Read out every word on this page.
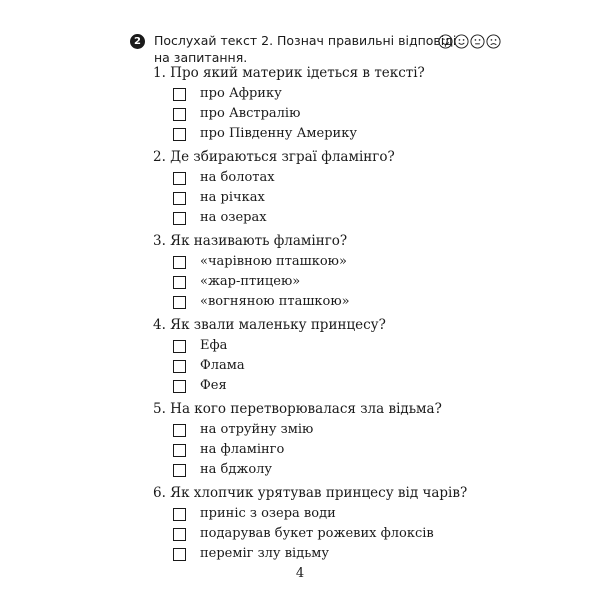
2	Послухай текст 2. Познач правильні відповіді на запитання.
1. Про який материк ідеться в тексті?
про Африку
про Австралію
про Південну Америку
2. Де збираються зграї фламінго?
на болотах
на річках
на озерах
3. Як називають фламінго?
«чарівною пташкою»
«жар-птицею»
«вогняною пташкою»
4. Як звали маленьку принцесу?
Ефа
Флама
Фея
5. На кого перетворювалася зла відьма?
на отруйну змію
на фламінго
на бджолу
6. Як хлопчик урятував принцесу від чарів?
приніс з озера води
подарував букет рожевих флоксів
переміг злу відьму
4
